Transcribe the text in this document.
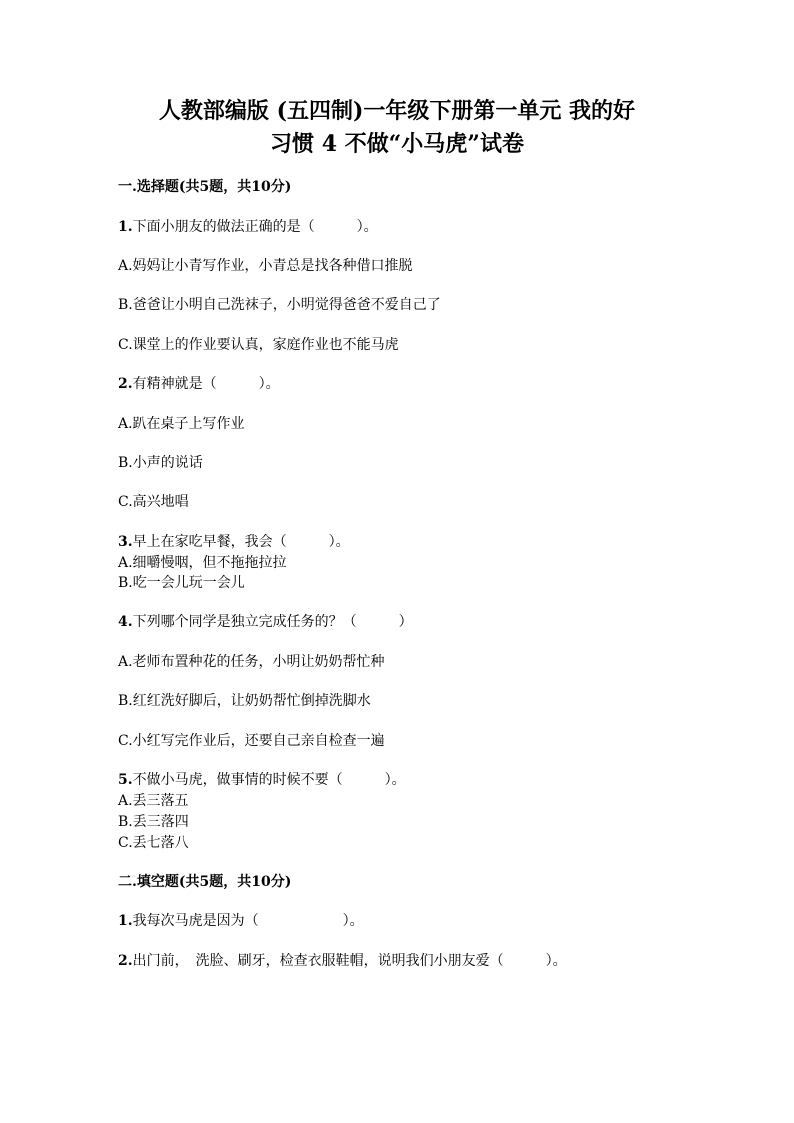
人教部编版 (五四制)一年级下册第一单元 我的好
习惯 4 不做“小马虎”试卷
一.选择题(共5题，共10分)
1.下面小朋友的做法正确的是（　　　）。
A.妈妈让小青写作业，小青总是找各种借口推脱
B.爸爸让小明自己洗袜子，小明觉得爸爸不爱自己了
C.课堂上的作业要认真，家庭作业也不能马虎
2.有精神就是（　　　）。
A.趴在桌子上写作业
B.小声的说话
C.高兴地唱
3.早上在家吃早餐，我会（　　　）。
A.细嚼慢咽，但不拖拖拉拉
B.吃一会儿玩一会儿
4.下列哪个同学是独立完成任务的？（　　　）
A.老师布置种花的任务，小明让奶奶帮忙种
B.红红洗好脚后，让奶奶帮忙倒掉洗脚水
C.小红写完作业后，还要自己亲自检查一遍
5.不做小马虎，做事情的时候不要（　　　）。
A.丢三落五
B.丢三落四
C.丢七落八
二.填空题(共5题，共10分)
1.我每次马虎是因为（　　　　　　）。
2.出门前，　洗脸、刷牙，检查衣服鞋帽，说明我们小朋友爱（　　　）。
